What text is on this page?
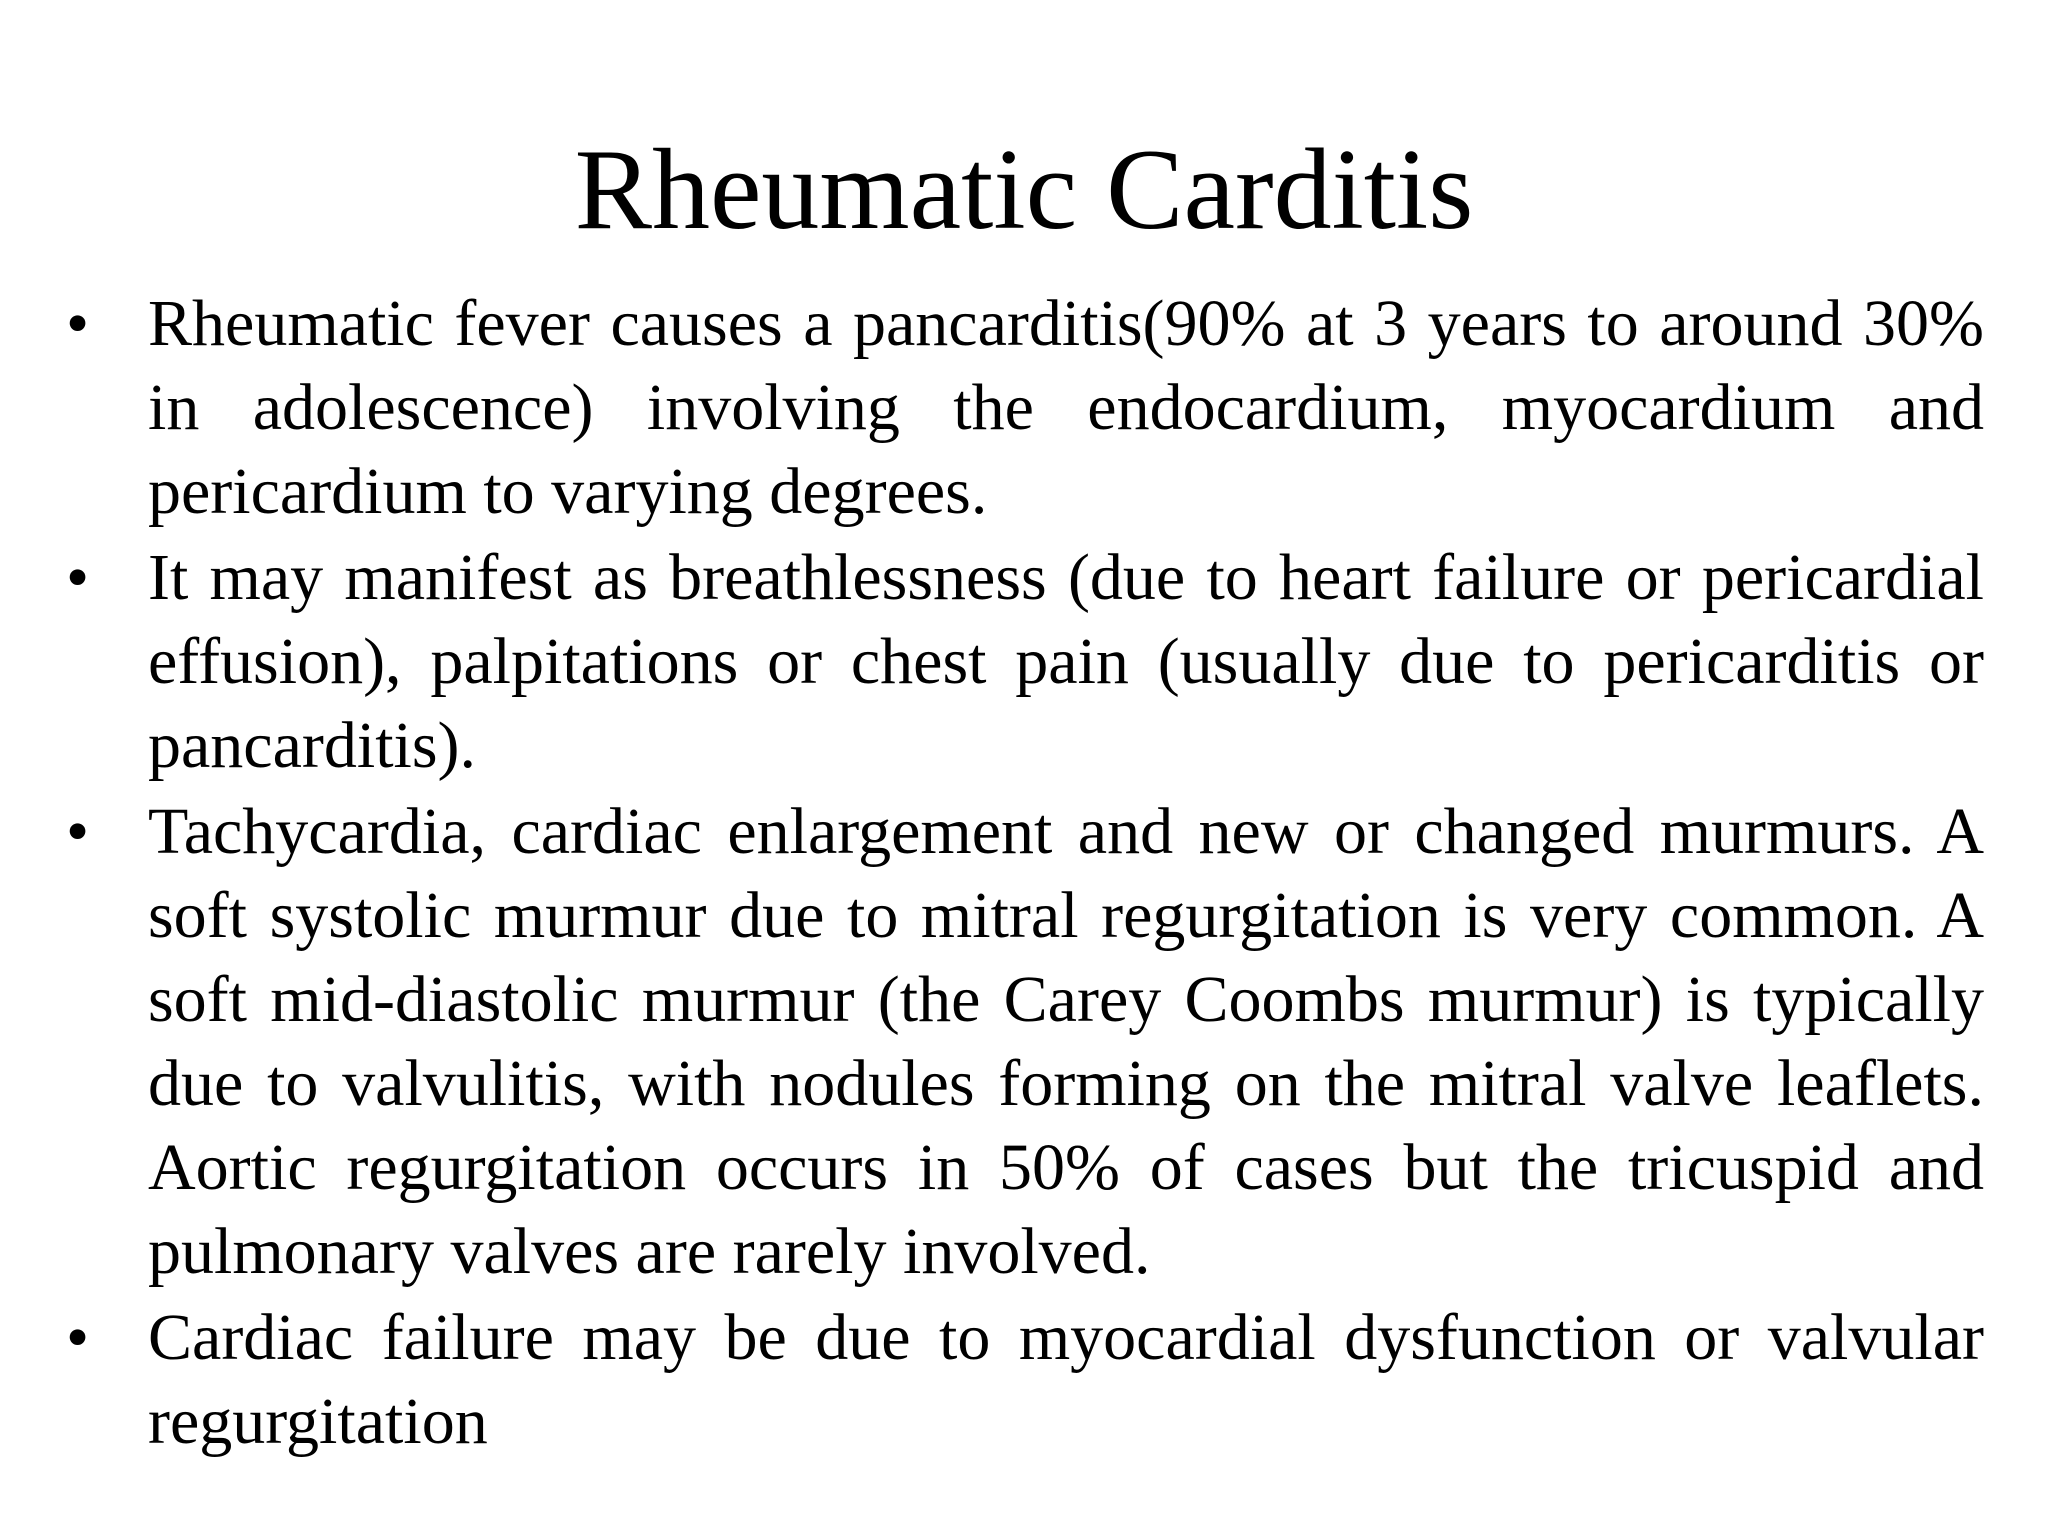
Rheumatic Carditis
• Rheumatic fever causes a pancarditis(90% at 3 years to around 30% in adolescence) involving the endocardium, myocardium and pericardium to varying degrees.
• It may manifest as breathlessness (due to heart failure or pericardial effusion), palpitations or chest pain (usually due to pericarditis or pancarditis).
• Tachycardia, cardiac enlargement and new or changed murmurs. A soft systolic murmur due to mitral regurgitation is very common. A soft mid-diastolic murmur (the Carey Coombs murmur) is typically due to valvulitis, with nodules forming on the mitral valve leaflets. Aortic regurgitation occurs in 50% of cases but the tricuspid and pulmonary valves are rarely involved.
• Cardiac failure may be due to myocardial dysfunction or valvular regurgitation
